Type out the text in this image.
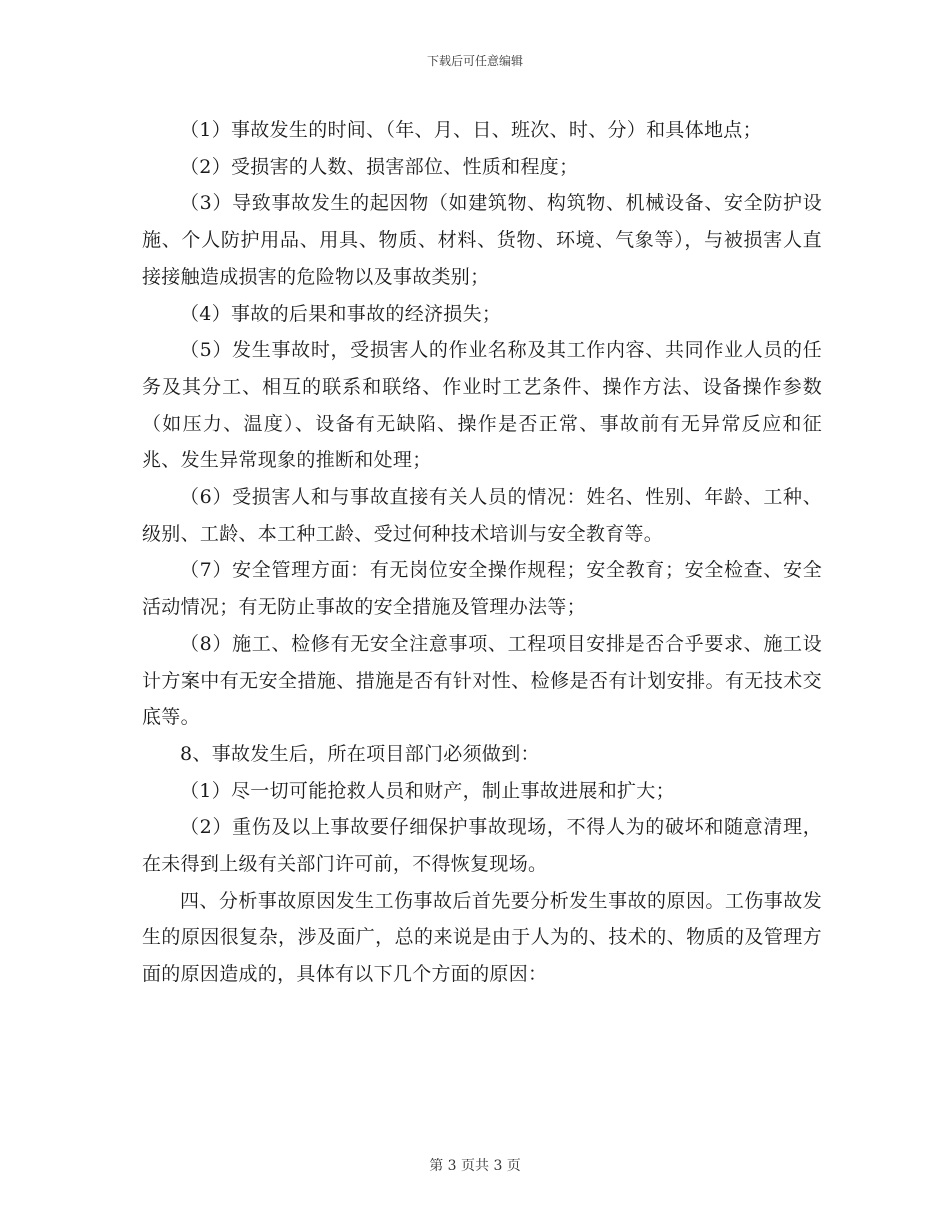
下载后可任意编辑

（1）事故发生的时间、（年、月、日、班次、时、分）和具体地点；

（2）受损害的人数、损害部位、性质和程度；

（3）导致事故发生的起因物（如建筑物、构筑物、机械设备、安全防护设施、个人防护用品、用具、物质、材料、货物、环境、气象等），与被损害人直接接触造成损害的危险物以及事故类别；

（4）事故的后果和事故的经济损失；

（5）发生事故时，受损害人的作业名称及其工作内容、共同作业人员的任务及其分工、相互的联系和联络、作业时工艺条件、操作方法、设备操作参数（如压力、温度）、设备有无缺陷、操作是否正常、事故前有无异常反应和征兆、发生异常现象的推断和处理；

（6）受损害人和与事故直接有关人员的情况：姓名、性别、年龄、工种、级别、工龄、本工种工龄、受过何种技术培训与安全教育等。

（7）安全管理方面：有无岗位安全操作规程；安全教育；安全检查、安全活动情况；有无防止事故的安全措施及管理办法等；

（8）施工、检修有无安全注意事项、工程项目安排是否合乎要求、施工设计方案中有无安全措施、措施是否有针对性、检修是否有计划安排。有无技术交底等。

8、事故发生后，所在项目部门必须做到：

（1）尽一切可能抢救人员和财产，制止事故进展和扩大；

（2）重伤及以上事故要仔细保护事故现场，不得人为的破坏和随意清理，在未得到上级有关部门许可前，不得恢复现场。

四、分析事故原因发生工伤事故后首先要分析发生事故的原因。工伤事故发生的原因很复杂，涉及面广，总的来说是由于人为的、技术的、物质的及管理方面的原因造成的，具体有以下几个方面的原因：

第 3 页共 3 页
